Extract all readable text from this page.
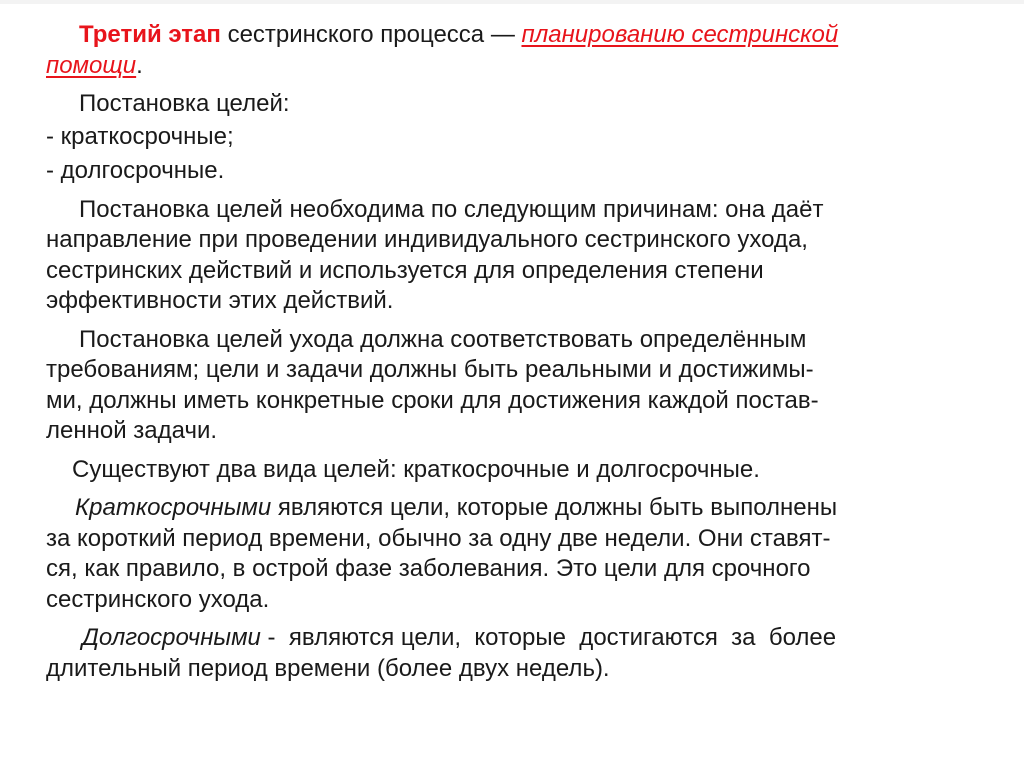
Третий этап сестринского процесса — планированию сестринской
помощи.
Постановка целей:
- краткосрочные;
- долгосрочные.
Постановка целей необходима по следующим причинам: она даёт
направление при проведении индивидуального сестринского ухода,
сестринских действий и используется для определения степени
эффективности этих действий.
Постановка целей ухода должна соответствовать определённым
требованиям; цели и задачи должны быть реальными и достижимы-
ми, должны иметь конкретные сроки для достижения каждой постав-
ленной задачи.
Существуют два вида целей: краткосрочные и долгосрочные.
Краткосрочными являются цели, которые должны быть выполнены
за короткий период времени, обычно за одну две недели. Они ставят-
ся, как правило, в острой фазе заболевания. Это цели для срочного
сестринского ухода.
Долгосрочными -  являются цели,  которые  достигаются  за  более
длительный период времени (более двух недель).
